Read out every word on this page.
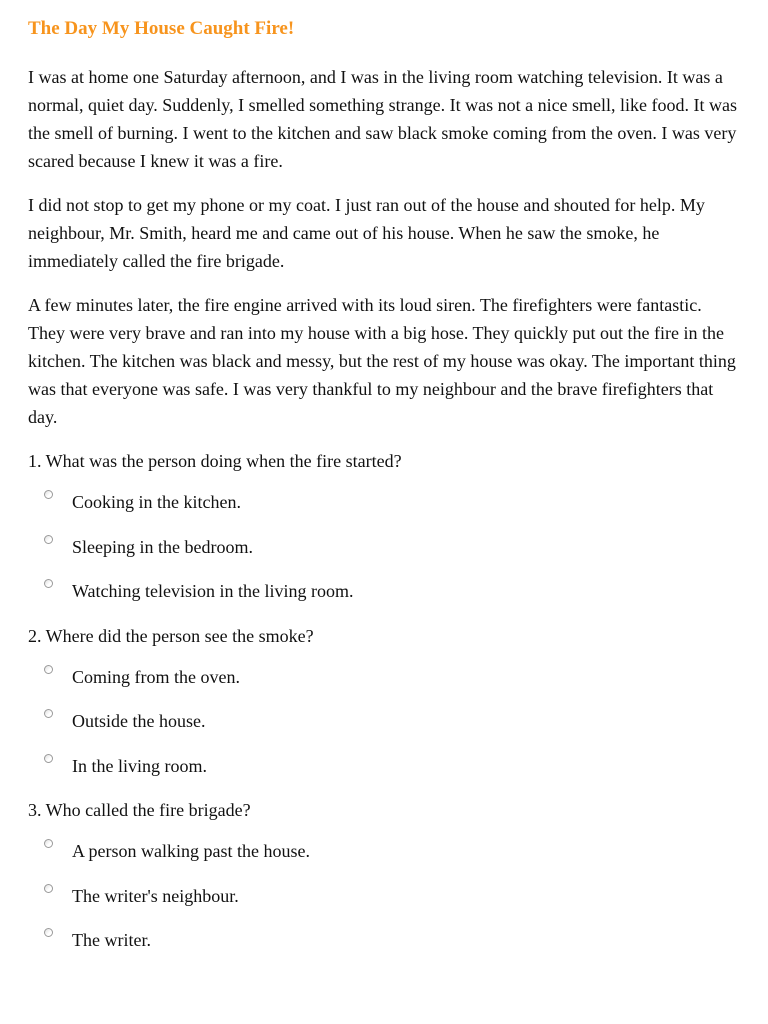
The Day My House Caught Fire!

I was at home one Saturday afternoon, and I was in the living room watching television. It was a normal, quiet day. Suddenly, I smelled something strange. It was not a nice smell, like food. It was the smell of burning. I went to the kitchen and saw black smoke coming from the oven. I was very scared because I knew it was a fire.

I did not stop to get my phone or my coat. I just ran out of the house and shouted for help. My neighbour, Mr. Smith, heard me and came out of his house. When he saw the smoke, he immediately called the fire brigade.

A few minutes later, the fire engine arrived with its loud siren. The firefighters were fantastic. They were very brave and ran into my house with a big hose. They quickly put out the fire in the kitchen. The kitchen was black and messy, but the rest of my house was okay. The important thing was that everyone was safe. I was very thankful to my neighbour and the brave firefighters that day.

1. What was the person doing when the fire started?
Cooking in the kitchen.
Sleeping in the bedroom.
Watching television in the living room.
2. Where did the person see the smoke?
Coming from the oven.
Outside the house.
In the living room.
3. Who called the fire brigade?
A person walking past the house.
The writer's neighbour.
The writer.
